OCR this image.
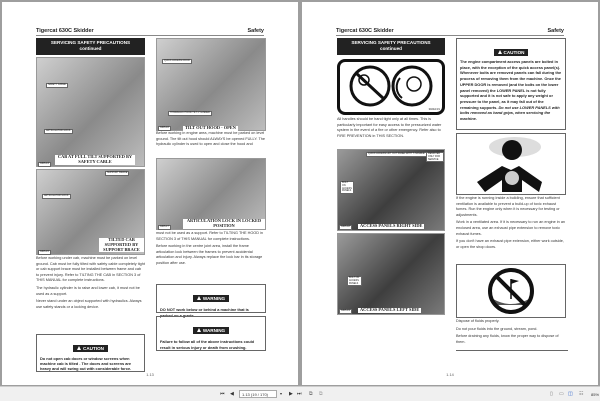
Tigercat 630C Skidder	Safety
SERVICING SAFETY PRECAUTIONS
continued
SAFETY CABLE
ARTICULATION LOCK
CAB AT FULL TILT SUPPORTED BY SAFETY CABLE
3305-14
SUPPORT BRACE
ARTICULATION LOCK
TILTED CAB SUPPORTED BY SUPPORT BRACE
3305-15

Before working under cab, machine must be parked on level ground. Cab must be fully tilted with safety cable completely tight or cab support brace must be installed between frame and cab to prevent injury. Refer to TILTING THE CAB in SECTION 3 of THIS MANUAL for complete instructions.

The hydraulic cylinder is to raise and lower cab, it must not be used as a support.

Never stand under an object supported with hydraulics. Always use safety stands or a locking device.

CAUTION
Do not open cab doors or window screens when machine cab is tilted . The doors and screens are heavy and will swing out with considerable force.
QUICK ACCESS DOOR
HYDRAULIC HOOD TILT CYLINDER
TILT OUT HOOD - OPEN
3305-16
Before working in engine area, machine must be parked on level ground. The tilt out hood should ALWAYS be opened FULLY. The hydraulic cylinder is used to open and close the hood and
ARTICULATION LOCK IN LOCKED POSITION
3305-17

must not be used as a support. Refer to TILTING THE HOOD in SECTION 3 of THIS MANUAL for complete instructions.

Before working in the centre joint area, install the frame articulation lock between the frames to prevent accidental articulation and injury. Always replace the lock bar in its storage position after use.

WARNING
DO NOT work below or behind a machine that is parked on a grade.
WARNING
Failure to follow all of the above instructions could result in serious injury or death from crushing.
1.13
Tigercat 630C Skidder	Safety
SERVICING SAFETY PRECAUTIONS
continued
3023A R1
All handles should be hand tight only at all times. This is particularly important for easy access to the pressurized water system in the event of a fire or other emergency. Refer also to FIRE PREVENTION in THIS SECTION.
QUICK ACCESS LIFT OUT PANEL WITH T-HANDLE	REMOVED ONLY FOR SERVICE
BOLT ON ACCESS PANELS
ACCESS PANELS RIGHT SIDE
3305-18
BOLT ON ACCESS PANELS
ACCESS PANELS LEFT SIDE
3305-19
CAUTION
The engine compartment access panels are bolted in place, with the exception of the quick access panel(s). Whenever bolts are removed panels can fall during the process of removing them from the machine. Once the UPPER DOOR is removed (and the bolts on the lower panel removed) the LOWER PANEL is not fully supported and it is not safe to apply any weight or pressure to the panel, as it may fall out of the remaining supports. Do not use LOWER PANELS with bolts removed as hand grips, when servicing the machine.

If the engine is running inside a building, ensure that sufficient ventilation is available to prevent a build-up of toxic exhaust fumes. Run the engine only when it is necessary for testing or adjustments.

Work in a ventilated area. If it is necessary to run an engine in an enclosed area, use an exhaust pipe extension to remove toxic exhaust fumes.

If you don't have an exhaust pipe extension, either work outside, or open the shop doors.

Dispose of fluids properly.

Do not pour fluids into the ground, stream, pond.

Before draining any fluids, know the proper way to dispose of them.

1.14
⏮ ◀	1.13 (19 / 170)	▾ ▶ ⏭ ⧉ ⧉	▯ ▭ ◫ ☷ 85%
